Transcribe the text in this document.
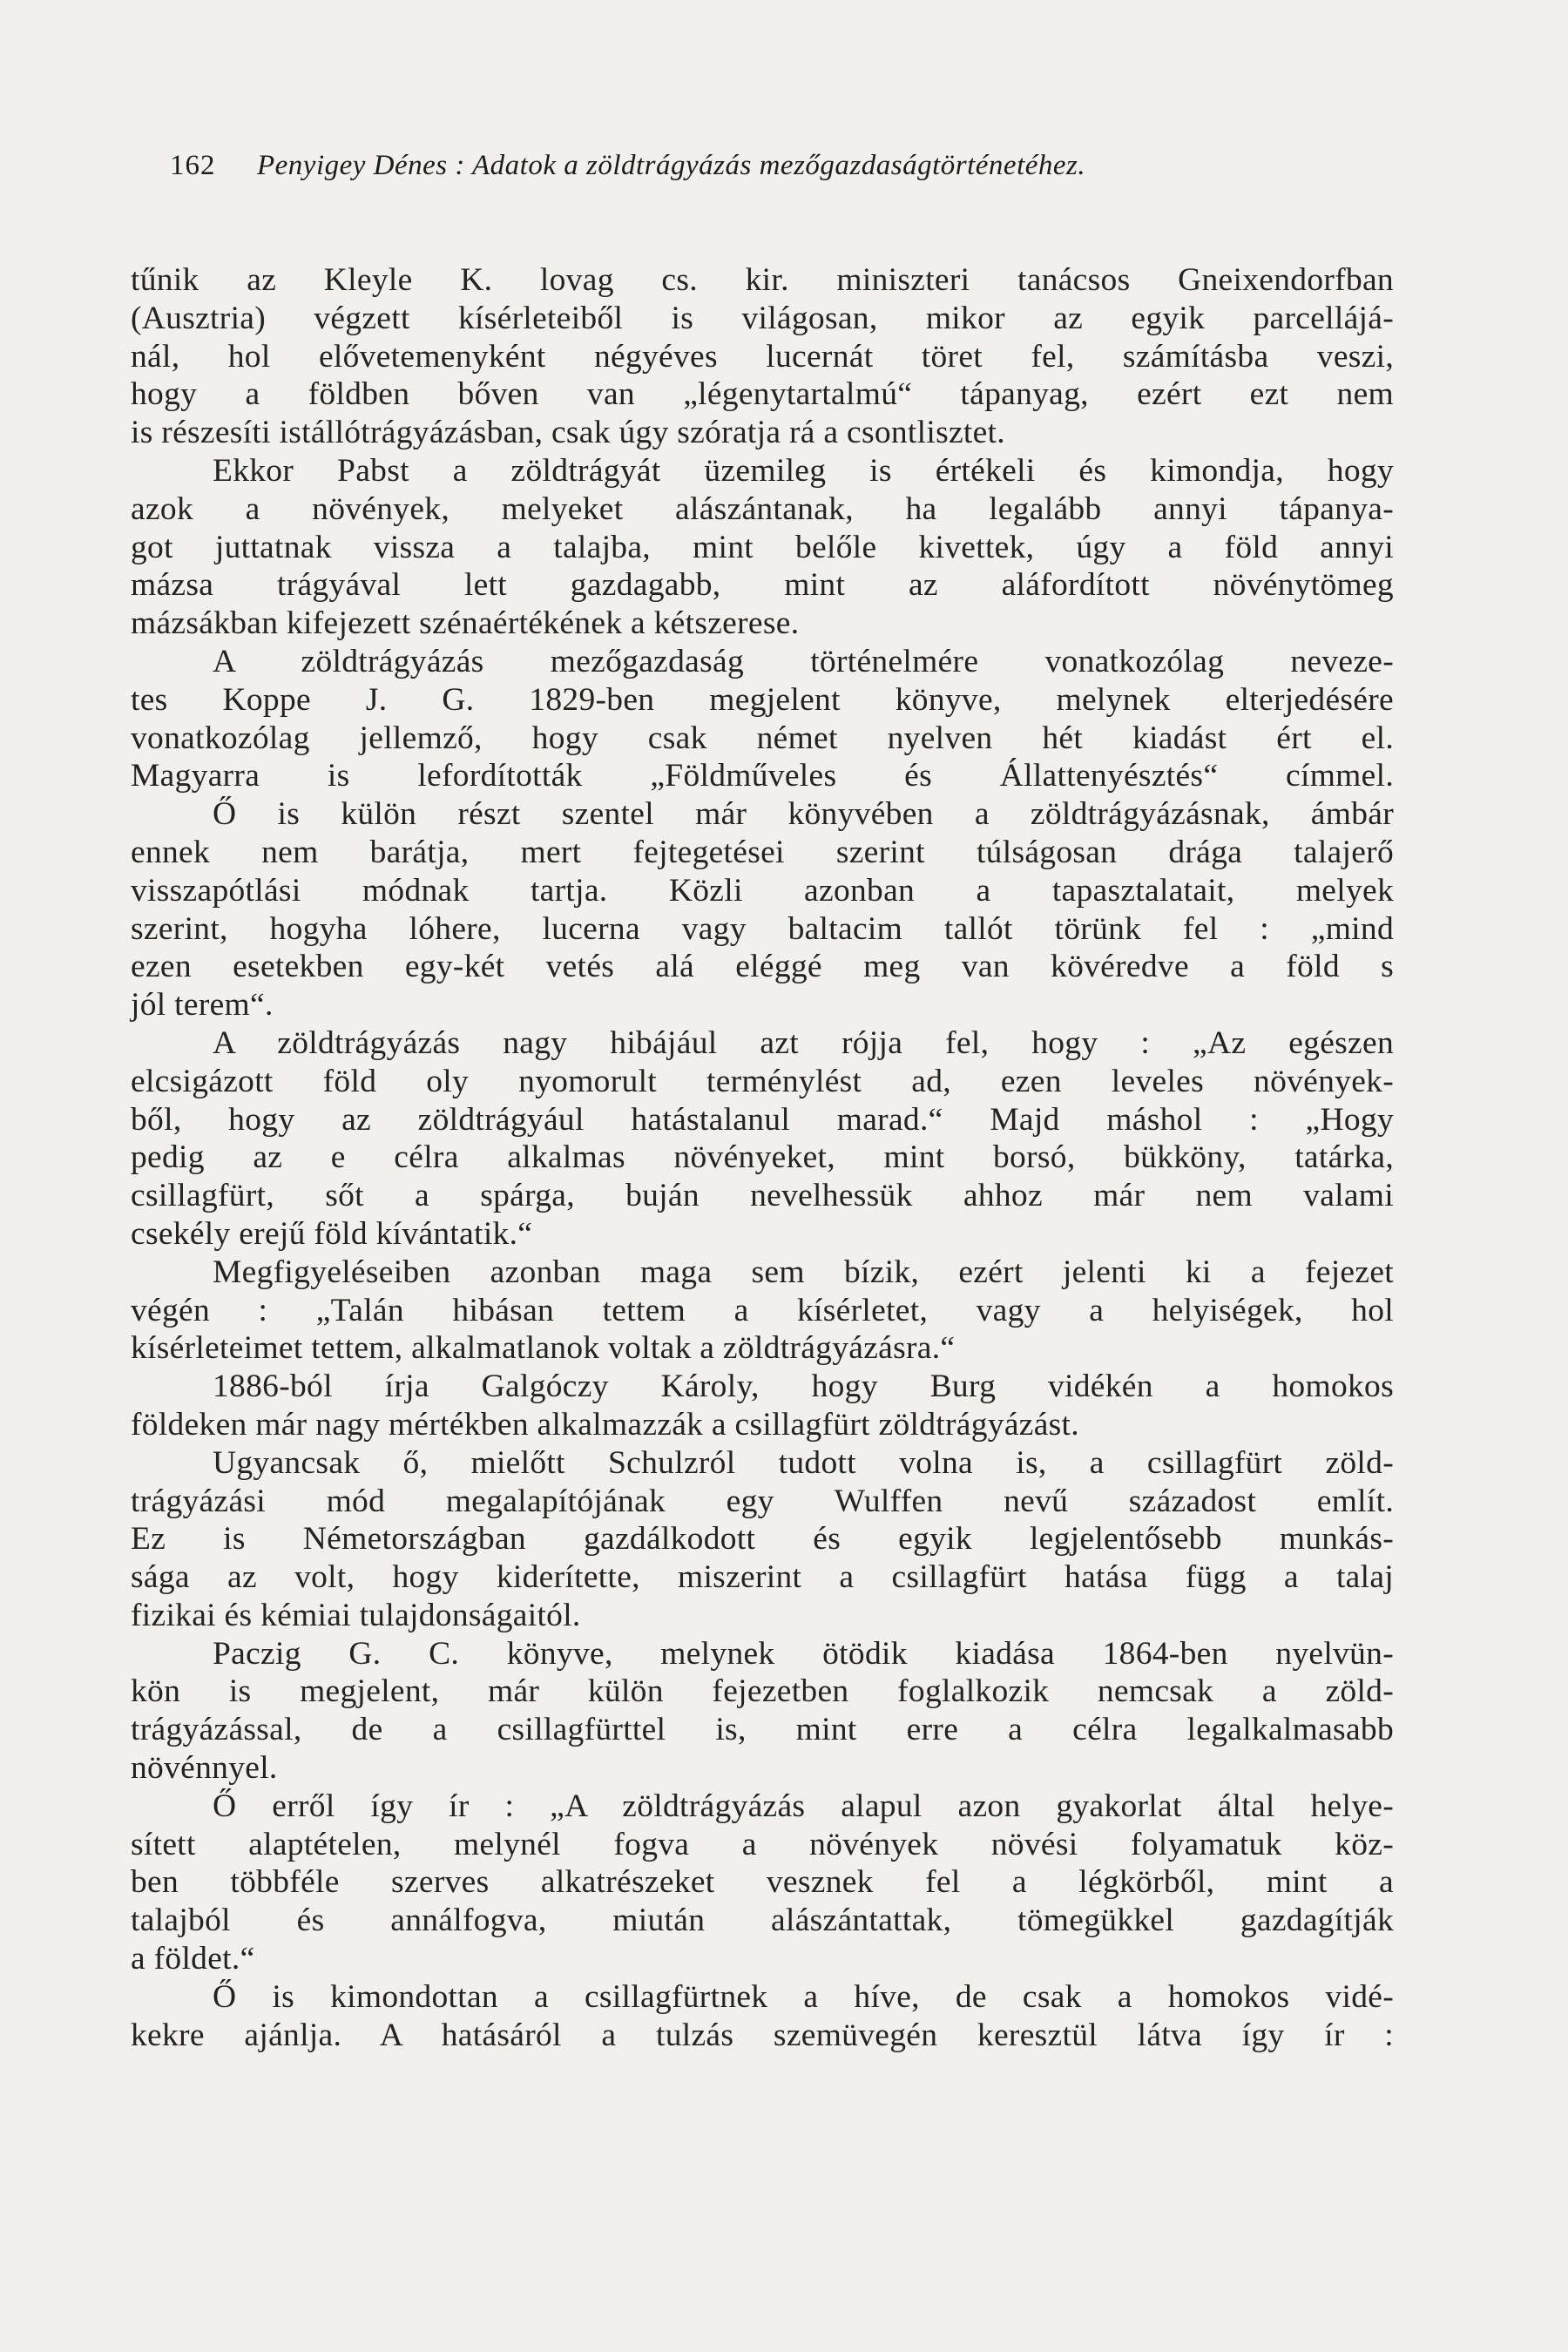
162 Penyigey Dénes : Adatok a zöldtrágyázás mezőgazdaságtörténetéhez.
tűnik az Kleyle K. lovag cs. kir. miniszteri tanácsos Gneixendorfban
(Ausztria) végzett kísérleteiből is világosan, mikor az egyik parcellájá-
nál, hol elővetemenyként négyéves lucernát töret fel, számításba veszi,
hogy a földben bőven van „légenytartalmú“ tápanyag, ezért ezt nem
is részesíti istállótrágyázásban, csak úgy szóratja rá a csontlisztet.
Ekkor Pabst a zöldtrágyát üzemileg is értékeli és kimondja, hogy
azok a növények, melyeket alászántanak, ha legalább annyi tápanya-
got juttatnak vissza a talajba, mint belőle kivettek, úgy a föld annyi
mázsa trágyával lett gazdagabb, mint az aláfordított növénytömeg
mázsákban kifejezett szénaértékének a kétszerese.
A zöldtrágyázás mezőgazdaság történelmére vonatkozólag neveze-
tes Koppe J. G. 1829-ben megjelent könyve, melynek elterjedésére
vonatkozólag jellemző, hogy csak német nyelven hét kiadást ért el.
Magyarra is lefordították „Földműveles és Állattenyésztés“ címmel.
Ő is külön részt szentel már könyvében a zöldtrágyázásnak, ámbár
ennek nem barátja, mert fejtegetései szerint túlságosan drága talajerő
visszapótlási módnak tartja. Közli azonban a tapasztalatait, melyek
szerint, hogyha lóhere, lucerna vagy baltacim tallót törünk fel : „mind
ezen esetekben egy-két vetés alá eléggé meg van kövéredve a föld s
jól terem“.
A zöldtrágyázás nagy hibájául azt rójja fel, hogy : „Az egészen
elcsigázott föld oly nyomorult terménylést ad, ezen leveles növények-
ből, hogy az zöldtrágyául hatástalanul marad.“ Majd máshol : „Hogy
pedig az e célra alkalmas növényeket, mint borsó, bükköny, tatárka,
csillagfürt, sőt a spárga, buján nevelhessük ahhoz már nem valami
csekély erejű föld kívántatik.“
Megfigyeléseiben azonban maga sem bízik, ezért jelenti ki a fejezet
végén : „Talán hibásan tettem a kísérletet, vagy a helyiségek, hol
kísérleteimet tettem, alkalmatlanok voltak a zöldtrágyázásra.“
1886-ból írja Galgóczy Károly, hogy Burg vidékén a homokos
földeken már nagy mértékben alkalmazzák a csillagfürt zöldtrágyázást.
Ugyancsak ő, mielőtt Schulzról tudott volna is, a csillagfürt zöld-
trágyázási mód megalapítójának egy Wulffen nevű századost említ.
Ez is Németországban gazdálkodott és egyik legjelentősebb munkás-
sága az volt, hogy kiderítette, miszerint a csillagfürt hatása függ a talaj
fizikai és kémiai tulajdonságaitól.
Paczig G. C. könyve, melynek ötödik kiadása 1864-ben nyelvün-
kön is megjelent, már külön fejezetben foglalkozik nemcsak a zöld-
trágyázással, de a csillagfürttel is, mint erre a célra legalkalmasabb
növénnyel.
Ő erről így ír : „A zöldtrágyázás alapul azon gyakorlat által helye-
sített alaptételen, melynél fogva a növények növési folyamatuk köz-
ben többféle szerves alkatrészeket vesznek fel a légkörből, mint a
talajból és annálfogva, miután alászántattak, tömegükkel gazdagítják
a földet.“
Ő is kimondottan a csillagfürtnek a híve, de csak a homokos vidé-
kekre ajánlja. A hatásáról a tulzás szemüvegén keresztül látva így ír :
